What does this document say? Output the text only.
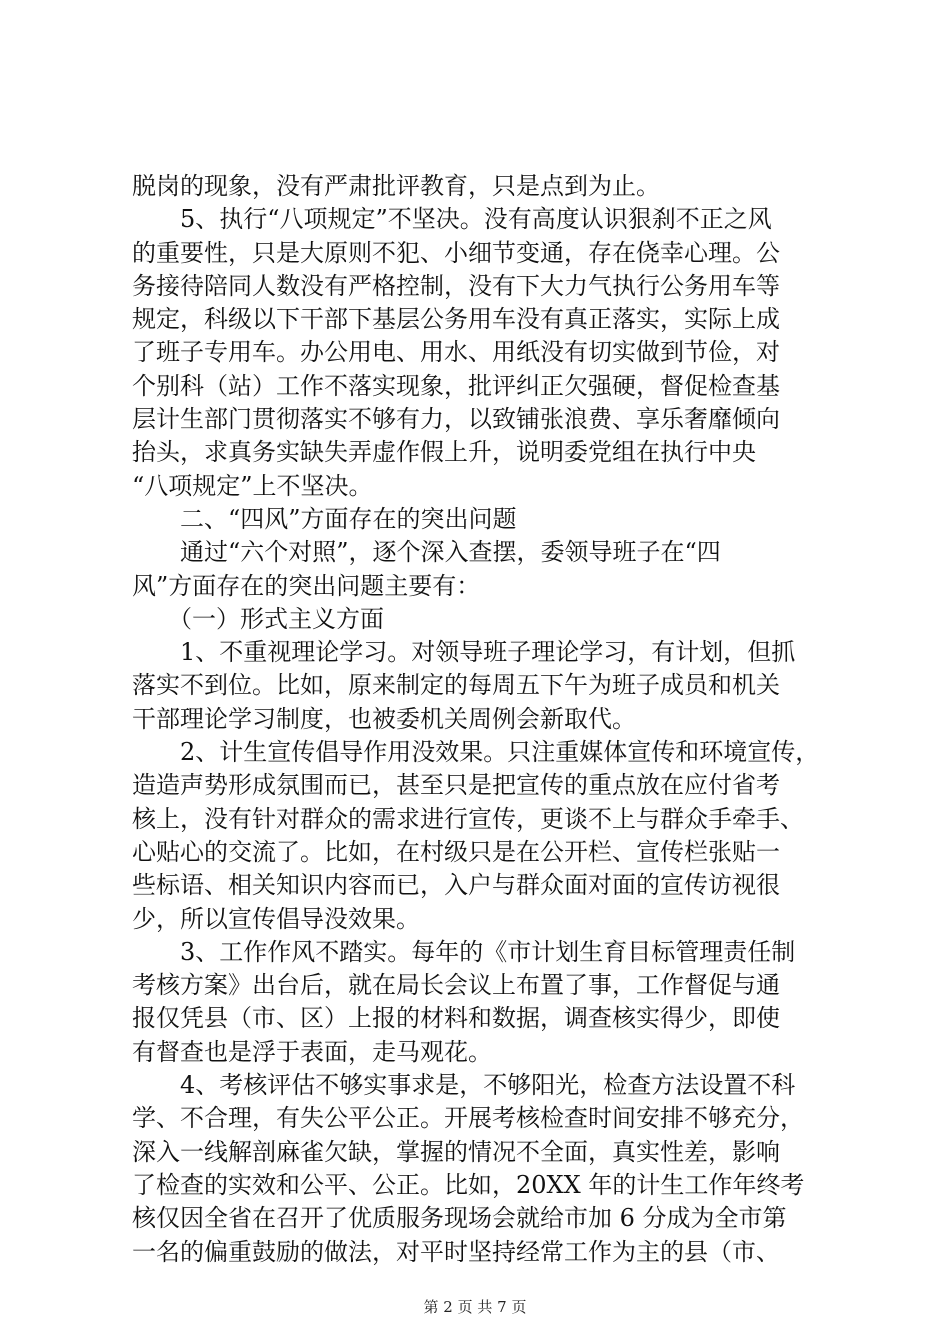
脱岗的现象，没有严肃批评教育，只是点到为止。
5、执行“八项规定”不坚决。没有高度认识狠刹不正之风
的重要性，只是大原则不犯、小细节变通，存在侥幸心理。公
务接待陪同人数没有严格控制，没有下大力气执行公务用车等
规定，科级以下干部下基层公务用车没有真正落实，实际上成
了班子专用车。办公用电、用水、用纸没有切实做到节俭，对
个别科（站）工作不落实现象，批评纠正欠强硬，督促检查基
层计生部门贯彻落实不够有力，以致铺张浪费、享乐奢靡倾向
抬头，求真务实缺失弄虚作假上升，说明委党组在执行中央
“八项规定”上不坚决。
二、“四风”方面存在的突出问题
通过“六个对照”，逐个深入查摆，委领导班子在“四
风”方面存在的突出问题主要有：
（一）形式主义方面
1、不重视理论学习。对领导班子理论学习，有计划，但抓
落实不到位。比如，原来制定的每周五下午为班子成员和机关
干部理论学习制度，也被委机关周例会新取代。
2、计生宣传倡导作用没效果。只注重媒体宣传和环境宣传，
造造声势形成氛围而已，甚至只是把宣传的重点放在应付省考
核上，没有针对群众的需求进行宣传，更谈不上与群众手牵手、
心贴心的交流了。比如，在村级只是在公开栏、宣传栏张贴一
些标语、相关知识内容而已，入户与群众面对面的宣传访视很
少，所以宣传倡导没效果。
3、工作作风不踏实。每年的《市计划生育目标管理责任制
考核方案》出台后，就在局长会议上布置了事，工作督促与通
报仅凭县（市、区）上报的材料和数据，调查核实得少，即使
有督查也是浮于表面，走马观花。
4、考核评估不够实事求是，不够阳光，检查方法设置不科
学、不合理，有失公平公正。开展考核检查时间安排不够充分，
深入一线解剖麻雀欠缺，掌握的情况不全面，真实性差，影响
了检查的实效和公平、公正。比如，20XX 年的计生工作年终考
核仅因全省在召开了优质服务现场会就给市加 6 分成为全市第
一名的偏重鼓励的做法，对平时坚持经常工作为主的县（市、
第 2 页 共 7 页
